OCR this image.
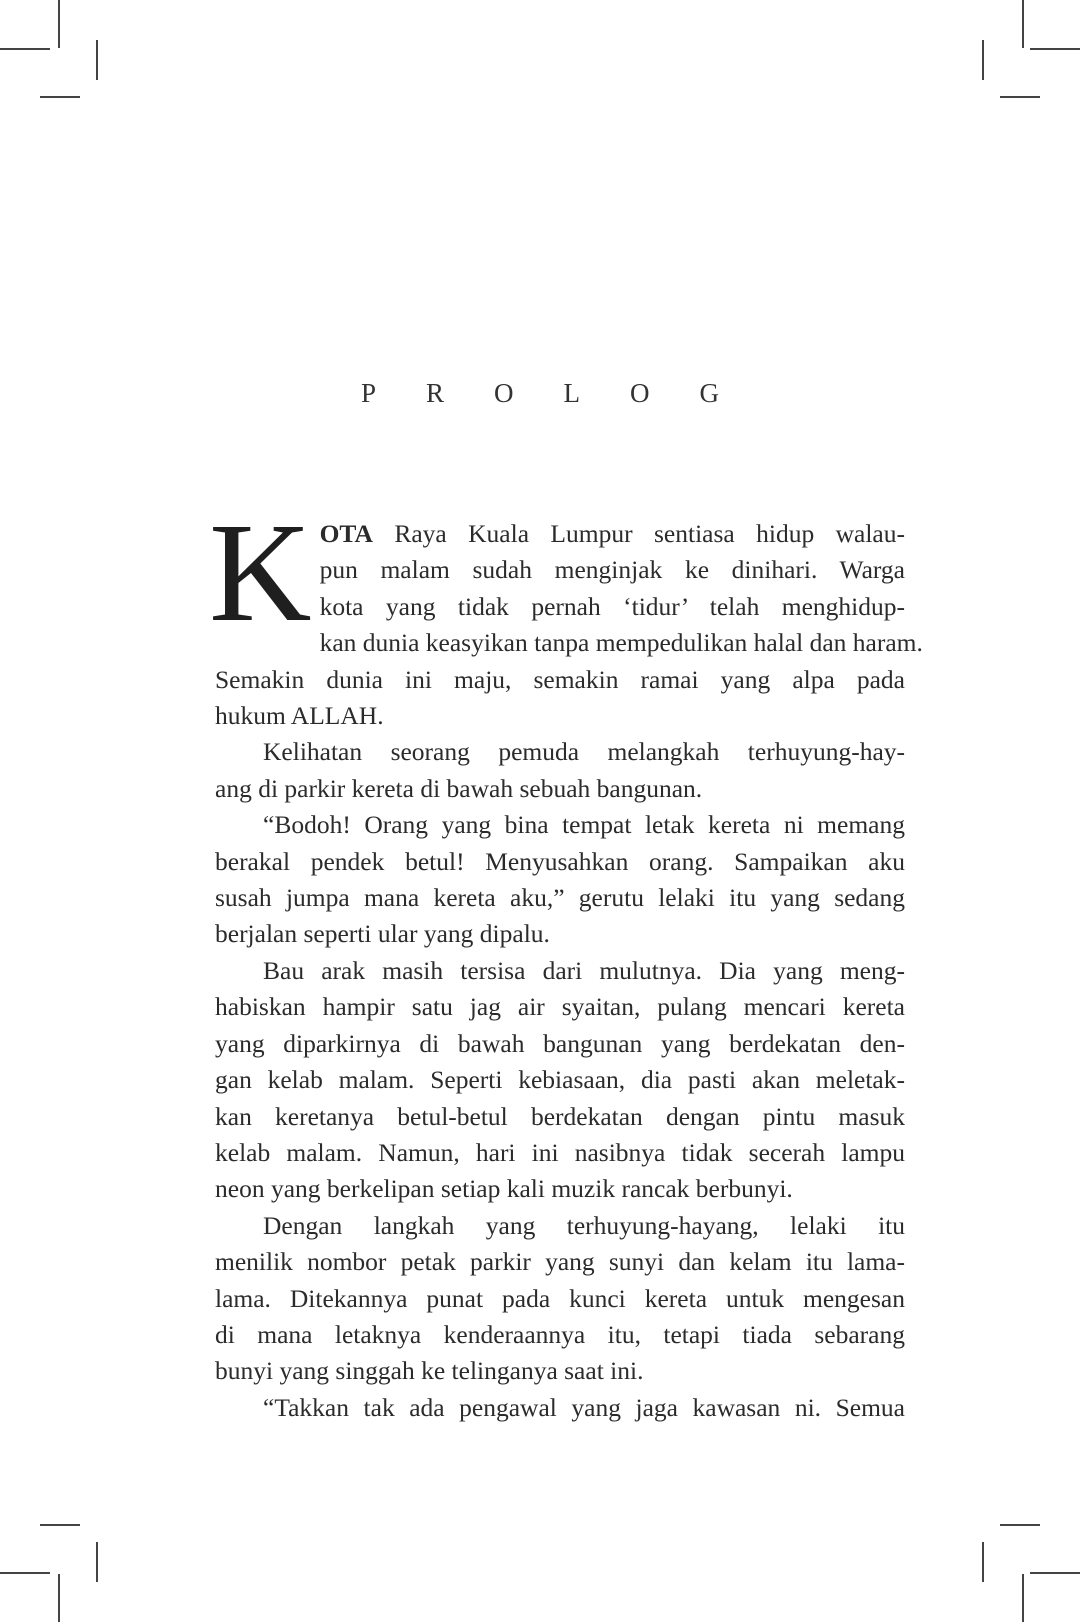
P R O L O G
K OTA Raya Kuala Lumpur sentiasa hidup walau-
pun malam sudah menginjak ke dinihari. Warga
kota yang tidak pernah ‘tidur’ telah menghidup-
kan dunia keasyikan tanpa mempedulikan halal dan haram.
Semakin dunia ini maju, semakin ramai yang alpa pada
hukum ALLAH.
Kelihatan seorang pemuda melangkah terhuyung-hay-
ang di parkir kereta di bawah sebuah bangunan.
“Bodoh! Orang yang bina tempat letak kereta ni memang
berakal pendek betul! Menyusahkan orang. Sampaikan aku
susah jumpa mana kereta aku,” gerutu lelaki itu yang sedang
berjalan seperti ular yang dipalu.
Bau arak masih tersisa dari mulutnya. Dia yang meng-
habiskan hampir satu jag air syaitan, pulang mencari kereta
yang diparkirnya di bawah bangunan yang berdekatan den-
gan kelab malam. Seperti kebiasaan, dia pasti akan meletak-
kan keretanya betul-betul berdekatan dengan pintu masuk
kelab malam. Namun, hari ini nasibnya tidak secerah lampu
neon yang berkelipan setiap kali muzik rancak berbunyi.
Dengan langkah yang terhuyung-hayang, lelaki itu
menilik nombor petak parkir yang sunyi dan kelam itu lama-
lama. Ditekannya punat pada kunci kereta untuk mengesan
di mana letaknya kenderaannya itu, tetapi tiada sebarang
bunyi yang singgah ke telinganya saat ini.
“Takkan tak ada pengawal yang jaga kawasan ni. Semua
